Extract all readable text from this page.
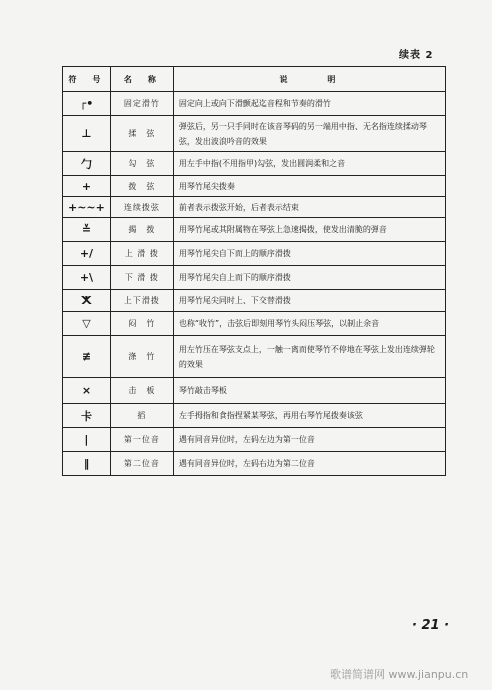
续表 2
符　号	名　称	说　　　明
┌•	固定滑竹	固定向上或向下滑颤起迄音程和节奏的滑竹
⊥	揉　弦	弹弦后，另一只手同时在该音琴码的另一端用中指、无名指连续揉动琴弦，发出波浪吟音的效果
勹	勾　弦	用左手中指(不用指甲)勾弦，发出圆润柔和之音
+	拨　弦	用琴竹尾尖拨奏
+~~+	连续拨弦	前者表示拨弦开始，后者表示结束
≚	揭　拨	用琴竹尾或其附属物在琴弦上急速揭拨，使发出清脆的弹音
+/	上 滑 拨	用琴竹尾尖自下而上的顺序滑拨
+\	下 滑 拨	用琴竹尾尖自上而下的顺序滑拨
ⵅ	上下滑拨	用琴竹尾尖同时上、下交替滑拨
▽	闷　竹	也称“收竹”，击弦后即刻用琴竹头闷压琴弦，以制止余音
≢	涤　竹	用左竹压在琴弦支点上，一触一离而使琴竹不停地在琴弦上发出连续弹轮的效果
×	击　板	琴竹敲击琴板
卡	搯	左手拇指和食指捏紧某琴弦，再用右琴竹尾拨奏该弦
|	第一位音	遇有同音异位时，左码左边为第一位音
‖	第二位音	遇有同音异位时，左码右边为第二位音
· 21 ·
歌谱简谱网 www.jianpu.cn
